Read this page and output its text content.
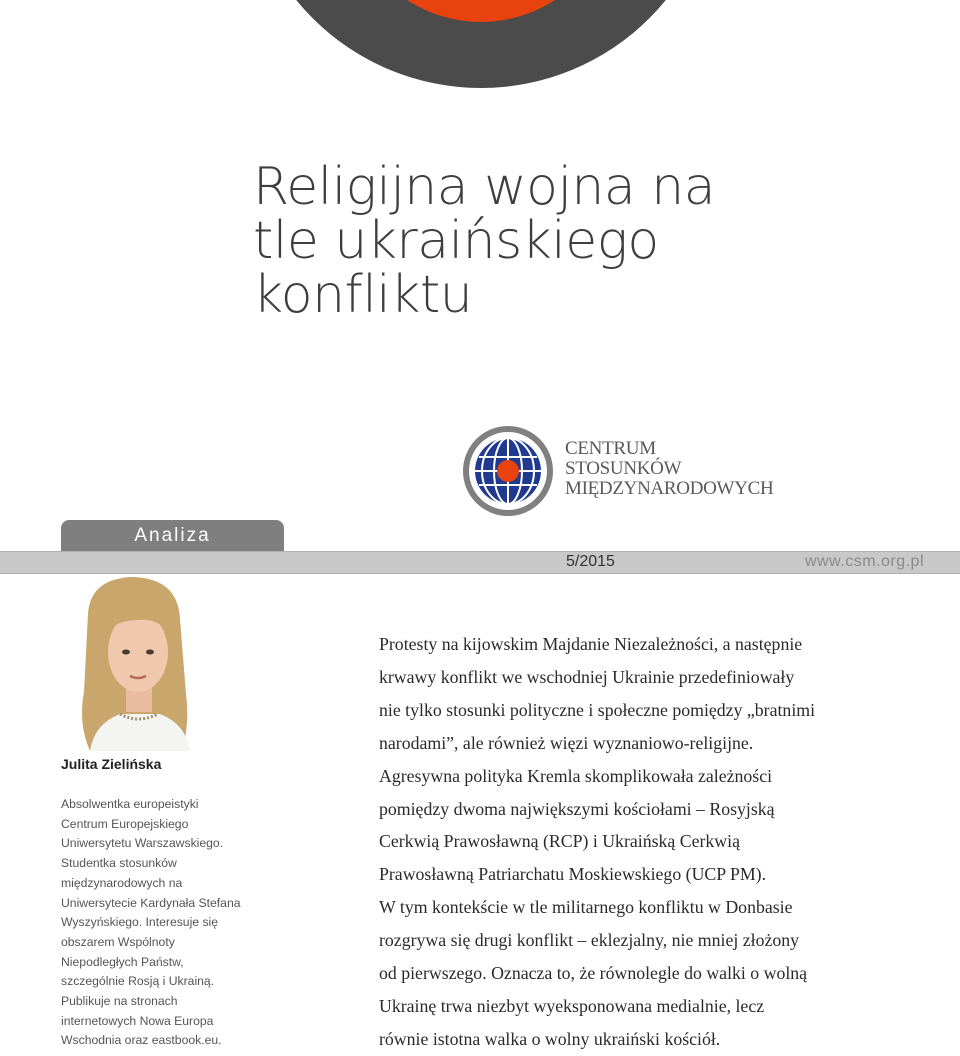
Religijna wojna na
tle ukraińskiego
konfliktu
CENTRUM
STOSUNKÓW
MIĘDZYNARODOWYCH
Analiza
5/2015	www.csm.org.pl
Julita Zielińska

Absolwentka europeistyki
Centrum Europejskiego
Uniwersytetu Warszawskiego.
Studentka stosunków
międzynarodowych na
Uniwersytecie Kardynała Stefana
Wyszyńskiego. Interesuje się
obszarem Wspólnoty
Niepodległych Państw,
szczególnie Rosją i Ukrainą.
Publikuje na stronach
internetowych Nowa Europa
Wschodnia oraz eastbook.eu.

Protesty na kijowskim Majdanie Niezależności, a następnie
krwawy konflikt we wschodniej Ukrainie przedefiniowały
nie tylko stosunki polityczne i społeczne pomiędzy „bratnimi
narodami”, ale również więzi wyznaniowo-religijne.
Agresywna polityka Kremla skomplikowała zależności
pomiędzy dwoma największymi kościołami – Rosyjską
Cerkwią Prawosławną (RCP) i Ukraińską Cerkwią
Prawosławną Patriarchatu Moskiewskiego (UCP PM).
W tym kontekście w tle militarnego konfliktu w Donbasie
rozgrywa się drugi konflikt – eklezjalny, nie mniej złożony
od pierwszego. Oznacza to, że równolegle do walki o wolną
Ukrainę trwa niezbyt wyeksponowana medialnie, lecz
równie istotna walka o wolny ukraiński kościół.
